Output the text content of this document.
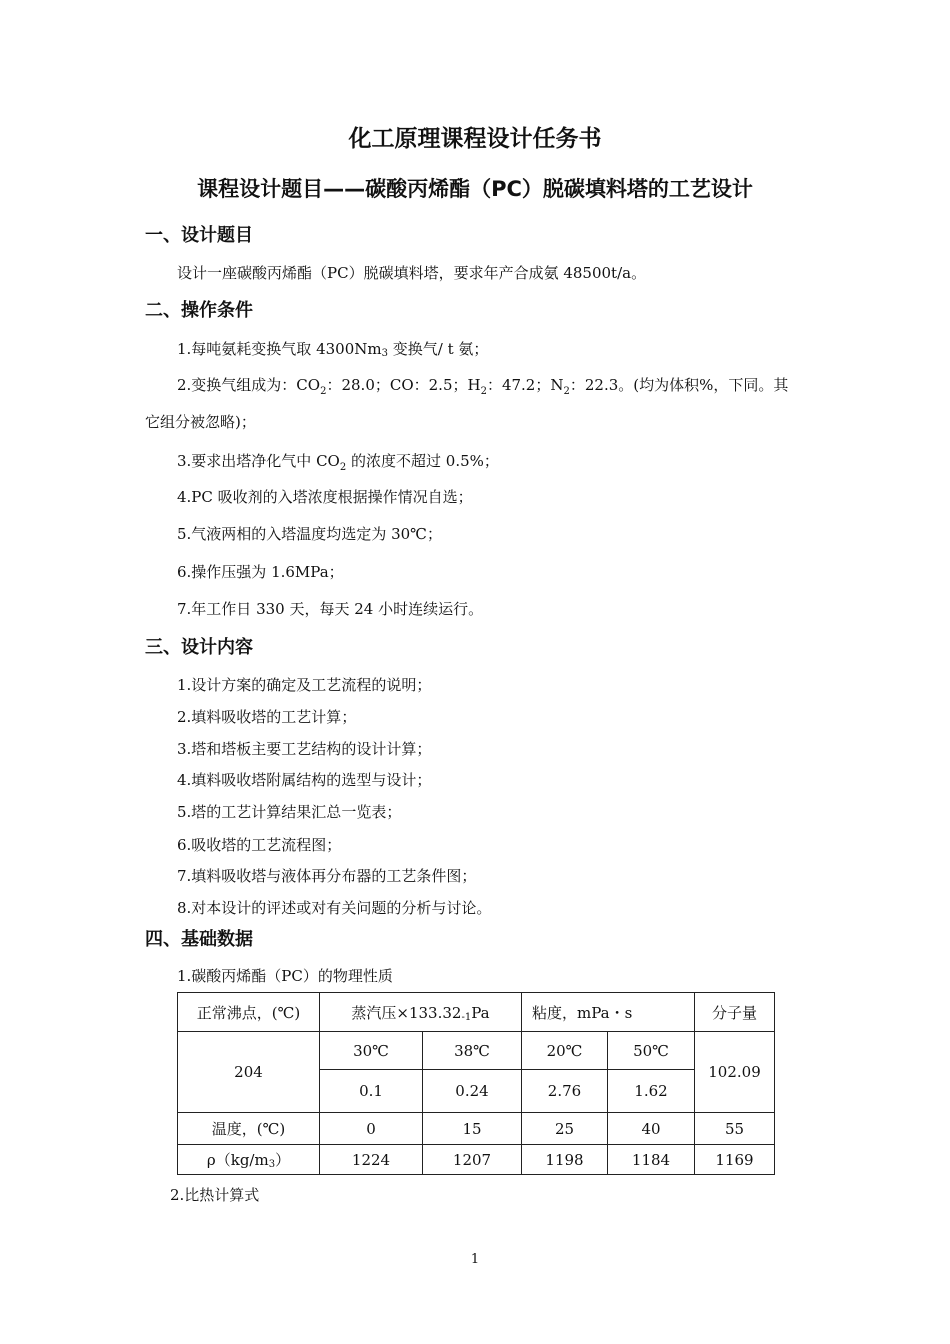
化工原理课程设计任务书
课程设计题目——碳酸丙烯酯（PC）脱碳填料塔的工艺设计
一、设计题目
设计一座碳酸丙烯酯（PC）脱碳填料塔，要求年产合成氨 48500t/a。
二、操作条件
1.每吨氨耗变换气取 $4300Nm_3$ 变换气/ t 氨；
2.变换气组成为：$CO_2$：28.0；CO：2.5；$H_2$：47.2；$N_2$：22.3。(均为体积%，下同。其
它组分被忽略)；
3.要求出塔净化气中 $CO_2$ 的浓度不超过 0.5%；
4.PC 吸收剂的入塔浓度根据操作情况自选；
5.气液两相的入塔温度均选定为 30℃；
6.操作压强为 1.6MPa；
7.年工作日 330 天，每天 24 小时连续运行。
三、设计内容
1.设计方案的确定及工艺流程的说明；
2.填料吸收塔的工艺计算；
3.塔和塔板主要工艺结构的设计计算；
4.填料吸收塔附属结构的选型与设计；
5.塔的工艺计算结果汇总一览表；
6.吸收塔的工艺流程图；
7.填料吸收塔与液体再分布器的工艺条件图；
8.对本设计的评述或对有关问题的分析与讨论。
四、基础数据
1.碳酸丙烯酯（PC）的物理性质
正常沸点，(℃)	蒸汽压$\times 133.32_{-1}Pa$		粘度，mPa・s		分子量
204	30℃	38℃	20℃	50℃	102.09
	0.1	0.24	2.76	1.62	
温度，(℃)	0	15	25	40	55
$\rho(kg/m_3)$	1224	1207	1198	1184	1169
2.比热计算式
1
